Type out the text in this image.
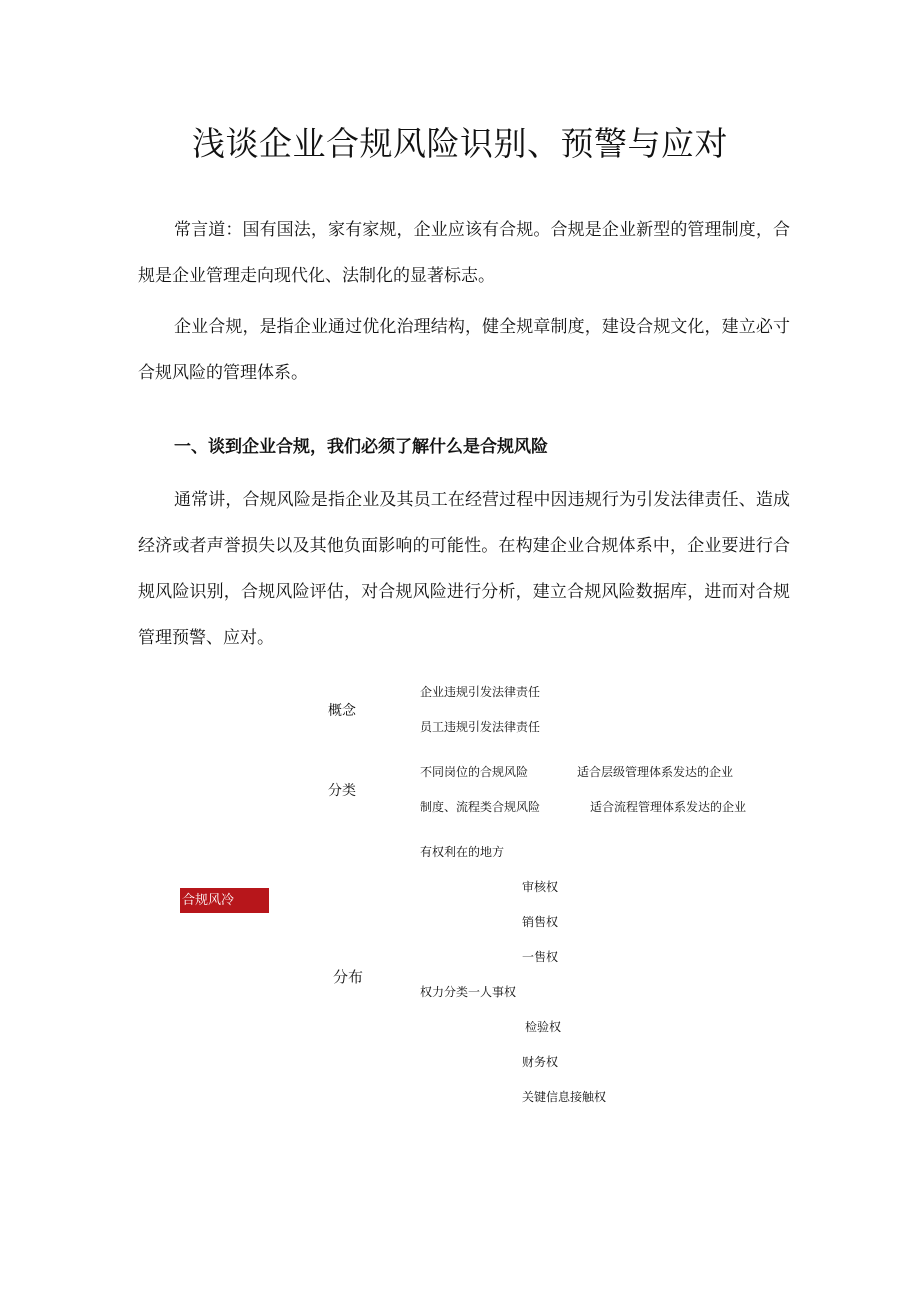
浅谈企业合规风险识别、预警与应对

常言道：国有国法，家有家规，企业应该有合规。合规是企业新型的管理制度，合规是企业管理走向现代化、法制化的显著标志。

企业合规，是指企业通过优化治理结构，健全规章制度，建设合规文化，建立必寸合规风险的管理体系。

一、谈到企业合规，我们必须了解什么是合规风险

通常讲，合规风险是指企业及其员工在经营过程中因违规行为引发法律责任、造成经济或者声誉损失以及其他负面影响的可能性。在构建企业合规体系中，企业要进行合规风险识别，合规风险评估，对合规风险进行分析，建立合规风险数据库，进而对合规管理预警、应对。

合规风冷
概念
企业违规引发法律责任
员工违规引发法律责任
分类
不同岗位的合规风险	适合层级管理体系发达的企业
制度、流程类合规风险	适合流程管理体系发达的企业
有权利在的地方
分布
权力分类一人事权
审核权
销售权
一售权
检验权
财务权
关键信息接触权
